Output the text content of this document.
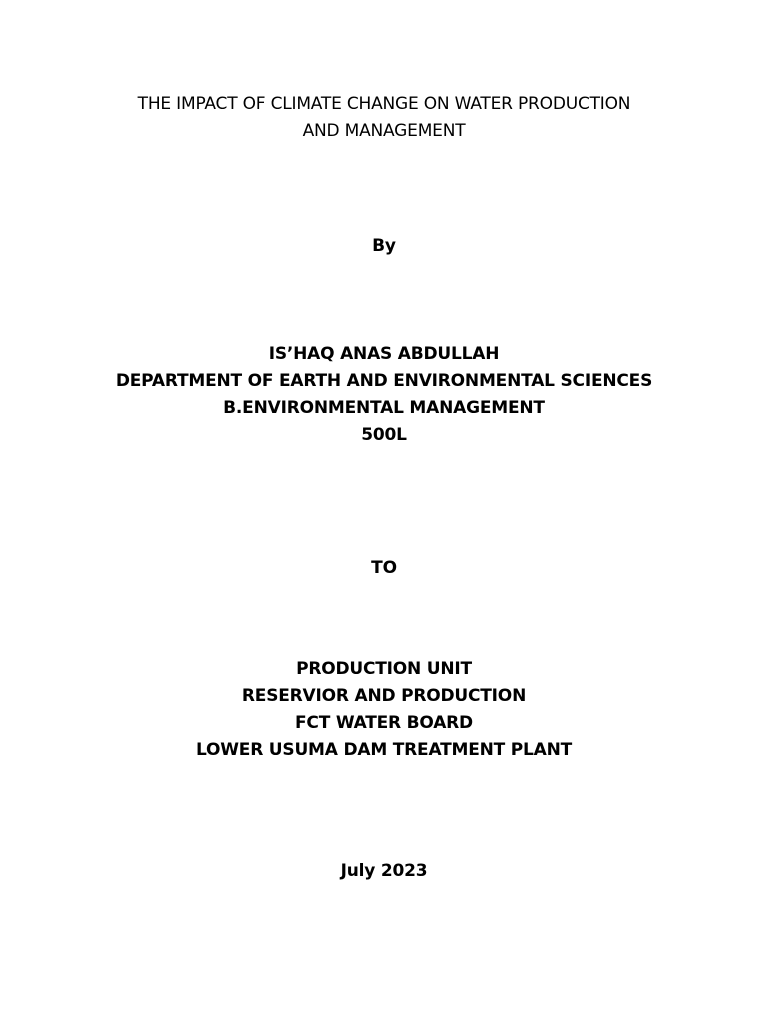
THE IMPACT OF CLIMATE CHANGE ON WATER PRODUCTION
AND MANAGEMENT
By
IS’HAQ ANAS ABDULLAH
DEPARTMENT OF EARTH AND ENVIRONMENTAL SCIENCES
B.ENVIRONMENTAL MANAGEMENT
500L
TO
PRODUCTION UNIT
RESERVIOR AND PRODUCTION
FCT WATER BOARD
LOWER USUMA DAM TREATMENT PLANT
July 2023
